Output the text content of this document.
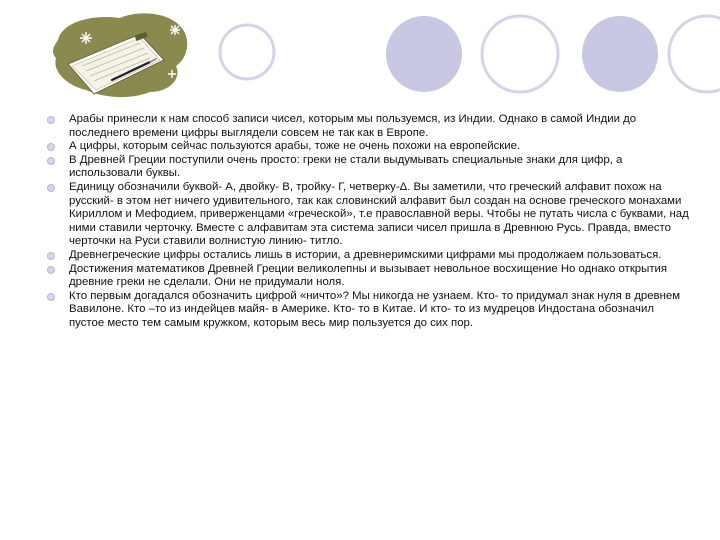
Арабы принесли к нам способ записи чисел, которым мы пользуемся, из Индии. Однако в самой Индии до последнего времени цифры выглядели совсем не так как в Европе.
А цифры, которым сейчас пользуются арабы, тоже не очень похожи на европейские.
В Древней Греции поступили очень просто: греки не стали выдумывать специальные знаки для цифр, а использовали буквы.
Единицу обозначили буквой- А, двойку- В, тройку- Г, четверку-Δ. Вы заметили, что греческий алфавит похож на русский- в этом нет ничего удивительного, так как словинский алфавит был создан на основе греческого монахами Кириллом и Мефодием, приверженцами «греческой», т.е православной веры. Чтобы не путать числа с буквами, над ними ставили черточку. Вместе с алфавитам эта система записи чисел пришла в Древнюю Русь. Правда, вместо черточки на Руси ставили волнистую линию- титло.
Древнегреческие цифры остались лишь в истории, а древнеримскими цифрами мы продолжаем пользоваться.
Достижения математиков Древней Греции великолепны и вызывает невольное восхищение Но однако открытия древние греки не сделали. Они не придумали ноля.
Кто первым догадался обозначить цифрой «ничто»? Мы никогда не узнаем. Кто- то придумал знак нуля в древнем Вавилоне. Кто –то из индейцев майя- в Америке. Кто- то в Китае. И кто- то из мудрецов Индостана обозначил пустое место тем самым кружком, которым весь мир пользуется до сих пор.
